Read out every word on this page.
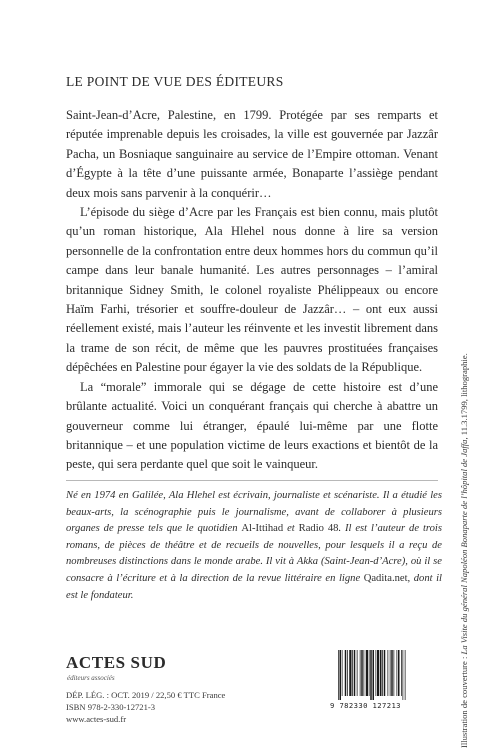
LE POINT DE VUE DES ÉDITEURS

Saint-Jean-d’Acre, Palestine, en 1799. Protégée par ses remparts et réputée imprenable depuis les croisades, la ville est gouvernée par Jazzâr Pacha, un Bosniaque sanguinaire au service de l’Empire ottoman. Venant d’Égypte à la tête d’une puissante armée, Bonaparte l’assiège pendant deux mois sans parvenir à la conquérir…

L’épisode du siège d’Acre par les Français est bien connu, mais plutôt qu’un roman historique, Ala Hlehel nous donne à lire sa version personnelle de la confrontation entre deux hommes hors du commun qu’il campe dans leur banale humanité. Les autres personnages – l’amiral britannique Sidney Smith, le colonel royaliste Phélippeaux ou encore Haïm Farhi, trésorier et souffre-douleur de Jazzâr… – ont eux aussi réellement existé, mais l’auteur les réinvente et les investit librement dans la trame de son récit, de même que les pauvres prostituées françaises dépêchées en Palestine pour égayer la vie des soldats de la République.

La “morale” immorale qui se dégage de cette histoire est d’une brûlante actualité. Voici un conquérant français qui cherche à abattre un gouverneur comme lui étranger, épaulé lui-même par une flotte britannique – et une population victime de leurs exactions et bientôt de la peste, qui sera perdante quel que soit le vainqueur.

Né en 1974 en Galilée, Ala Hlehel est écrivain, journaliste et scénariste. Il a étudié les beaux-arts, la scénographie puis le journalisme, avant de collaborer à plusieurs organes de presse tels que le quotidien Al-Ittihad et Radio 48. Il est l’auteur de trois romans, de pièces de théâtre et de recueils de nouvelles, pour lesquels il a reçu de nombreuses distinctions dans le monde arabe. Il vit à Akka (Saint-Jean-d’Acre), où il se consacre à l’écriture et à la direction de la revue littéraire en ligne Qadita.net, dont il est le fondateur.
Illustration de couverture : La Visite du général Napoléon Bonaparte de l’hôpital de Jaffa, 11.3.1799, lithographie.
ACTES SUD
éditeurs associés
DÉP. LÉG. : OCT. 2019 / 22,50 € TTC France
ISBN 978-2-330-12721-3
www.actes-sud.fr
9 782330 127213
